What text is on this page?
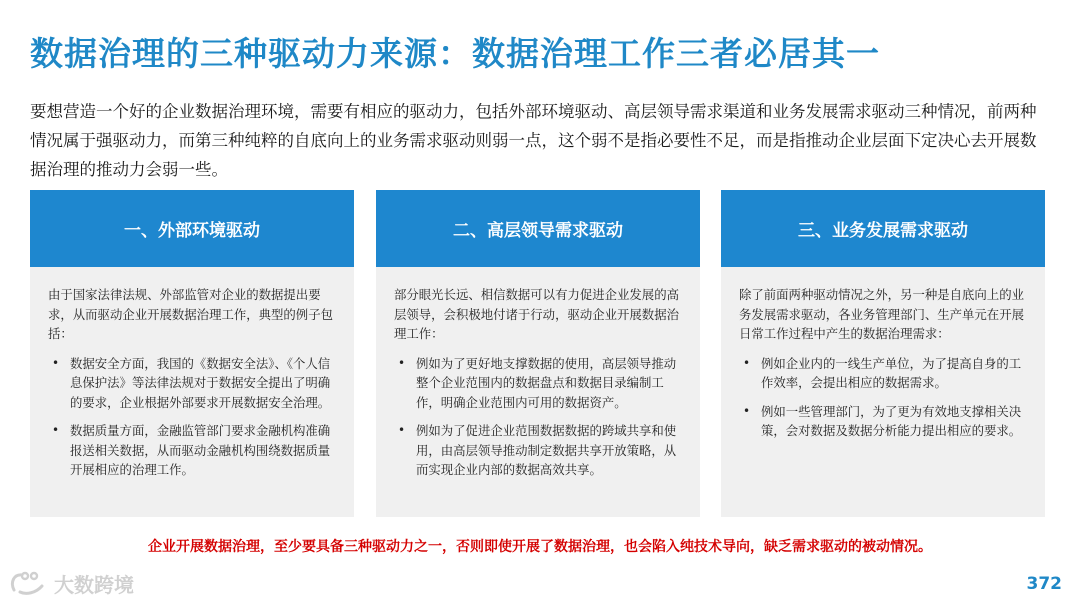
数据治理的三种驱动力来源：数据治理工作三者必居其一
要想营造一个好的企业数据治理环境，需要有相应的驱动力，包括外部环境驱动、高层领导需求渠道和业务发展需求驱动三种情况，前两种情况属于强驱动力，而第三种纯粹的自底向上的业务需求驱动则弱一点，这个弱不是指必要性不足，而是指推动企业层面下定决心去开展数据治理的推动力会弱一些。
一、外部环境驱动

由于国家法律法规、外部监管对企业的数据提出要求，从而驱动企业开展数据治理工作，典型的例子包括：

• 数据安全方面，我国的《数据安全法》、《个人信息保护法》等法律法规对于数据安全提出了明确的要求，企业根据外部要求开展数据安全治理。
• 数据质量方面，金融监管部门要求金融机构准确报送相关数据，从而驱动金融机构围绕数据质量开展相应的治理工作。
二、高层领导需求驱动

部分眼光长远、相信数据可以有力促进企业发展的高层领导，会积极地付诸于行动，驱动企业开展数据治理工作：

• 例如为了更好地支撑数据的使用，高层领导推动整个企业范围内的数据盘点和数据目录编制工作，明确企业范围内可用的数据资产。
• 例如为了促进企业范围数据数据的跨域共享和使用，由高层领导推动制定数据共享开放策略，从而实现企业内部的数据高效共享。
三、业务发展需求驱动

除了前面两种驱动情况之外，另一种是自底向上的业务发展需求驱动，各业务管理部门、生产单元在开展日常工作过程中产生的数据治理需求：

• 例如企业内的一线生产单位，为了提高自身的工作效率，会提出相应的数据需求。
• 例如一些管理部门，为了更为有效地支撑相关决策，会对数据及数据分析能力提出相应的要求。
企业开展数据治理，至少要具备三种驱动力之一，否则即使开展了数据治理，也会陷入纯技术导向，缺乏需求驱动的被动情况。
大数跨境	372
